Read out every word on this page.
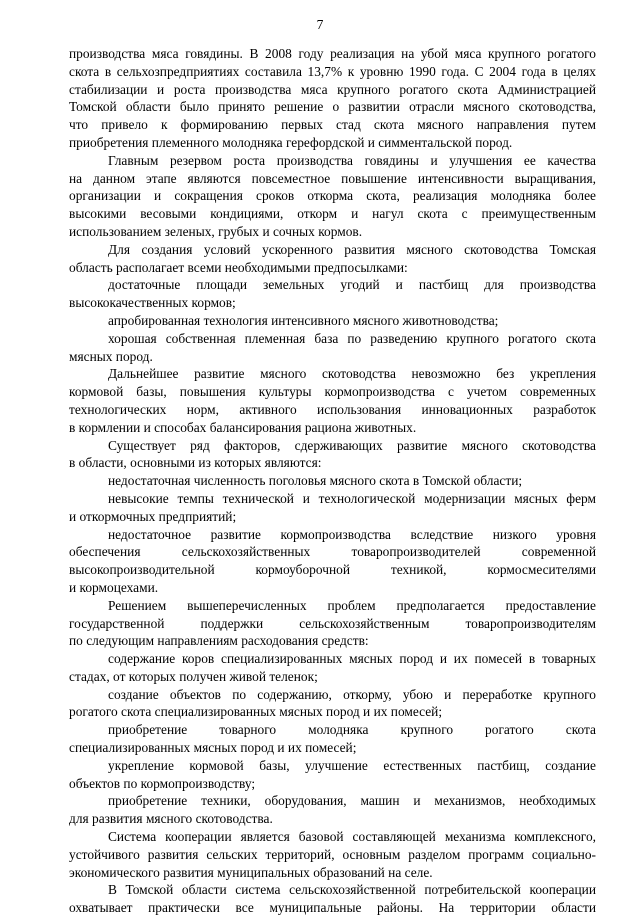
7
производства мяса говядины. В 2008 году реализация на убой мяса крупного рогатого
скота в сельхозпредприятиях составила 13,7% к уровню 1990 года. С 2004 года в целях
стабилизации и роста производства мяса крупного рогатого скота Администрацией
Томской области было принято решение о развитии отрасли мясного скотоводства,
что привело к формированию первых стад скота мясного направления путем
приобретения племенного молодняка герефордской и симментальской пород.
Главным резервом роста производства говядины и улучшения ее качества
на данном этапе являются повсеместное повышение интенсивности выращивания,
организации и сокращения сроков откорма скота, реализация молодняка более
высокими весовыми кондициями, откорм и нагул скота с преимущественным
использованием зеленых, грубых и сочных кормов.
Для создания условий ускоренного развития мясного скотоводства Томская
область располагает всеми необходимыми предпосылками:
достаточные площади земельных угодий и пастбищ для производства
высококачественных кормов;
апробированная технология интенсивного мясного животноводства;
хорошая собственная племенная база по разведению крупного рогатого скота
мясных пород.
Дальнейшее развитие мясного скотоводства невозможно без укрепления
кормовой базы, повышения культуры кормопроизводства с учетом современных
технологических норм, активного использования инновационных разработок
в кормлении и способах балансирования рациона животных.
Существует ряд факторов, сдерживающих развитие мясного скотоводства
в области, основными из которых являются:
недостаточная численность поголовья мясного скота в Томской области;
невысокие темпы технической и технологической модернизации мясных ферм
и откормочных предприятий;
недостаточное развитие кормопроизводства вследствие низкого уровня
обеспечения сельскохозяйственных товаропроизводителей современной
высокопроизводительной кормоуборочной техникой, кормосмесителями
и кормоцехами.
Решением вышеперечисленных проблем предполагается предоставление
государственной поддержки сельскохозяйственным товаропроизводителям
по следующим направлениям расходования средств:
содержание коров специализированных мясных пород и их помесей в товарных
стадах, от которых получен живой теленок;
создание объектов по содержанию, откорму, убою и переработке крупного
рогатого скота специализированных мясных пород и их помесей;
приобретение товарного молодняка крупного рогатого скота
специализированных мясных пород и их помесей;
укрепление кормовой базы, улучшение естественных пастбищ, создание
объектов по кормопроизводству;
приобретение техники, оборудования, машин и механизмов, необходимых
для развития мясного скотоводства.
Система кооперации является базовой составляющей механизма комплексного,
устойчивого развития сельских территорий, основным разделом программ социально-
экономического развития муниципальных образований на селе.
В Томской области система сельскохозяйственной потребительской кооперации
охватывает практически все муниципальные районы. На территории области
